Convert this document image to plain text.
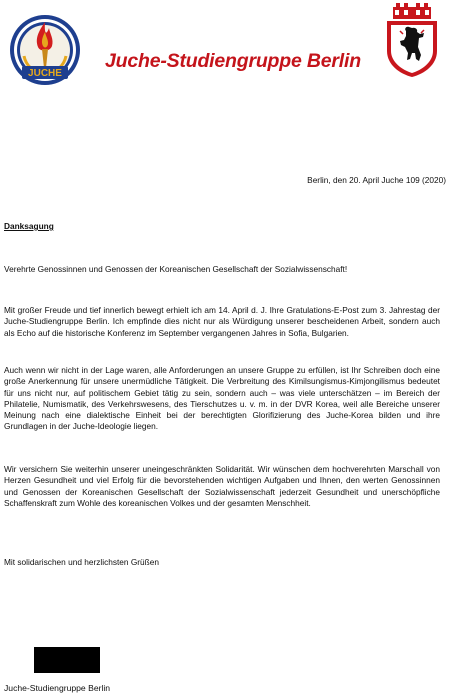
JUCHE
Juche-Studiengruppe Berlin
Berlin, den 20. April Juche 109 (2020)
Danksagung
Verehrte Genossinnen und Genossen der Koreanischen Gesellschaft der Sozialwissenschaft!
Mit großer Freude und tief innerlich bewegt erhielt ich am 14. April d. J. Ihre Gratulations-E-Post zum 3. Jahrestag der Juche-Studiengruppe Berlin. Ich empfinde dies nicht nur als Würdigung unserer bescheidenen Arbeit, sondern auch als Echo auf die historische Konferenz im September vergangenen Jahres in Sofia, Bulgarien.
Auch wenn wir nicht in der Lage waren, alle Anforderungen an unsere Gruppe zu erfüllen, ist Ihr Schreiben doch eine große Anerkennung für unsere unermüdliche Tätigkeit. Die Verbreitung des Kimilsungismus-Kimjongilismus bedeutet für uns nicht nur, auf politischem Gebiet tätig zu sein, sondern auch – was viele unterschätzen – im Bereich der Philatelie, Numismatik, des Verkehrswesens, des Tierschutzes u. v. m. in der DVR Korea, weil alle Bereiche unserer Meinung nach eine dialektische Einheit bei der berechtigten Glorifizierung des Juche-Korea bilden und ihre Grundlagen in der Juche-Ideologie liegen.
Wir versichern Sie weiterhin unserer uneingeschränkten Solidarität. Wir wünschen dem hochverehrten Marschall von Herzen Gesundheit und viel Erfolg für die bevorstehenden wichtigen Aufgaben und Ihnen, den werten Genossinnen und Genossen der Koreanischen Gesellschaft der Sozialwissenschaft jederzeit Gesundheit und unerschöpfliche Schaffenskraft zum Wohle des koreanischen Volkes und der gesamten Menschheit.
Mit solidarischen und herzlichsten Grüßen
Juche-Studiengruppe Berlin
